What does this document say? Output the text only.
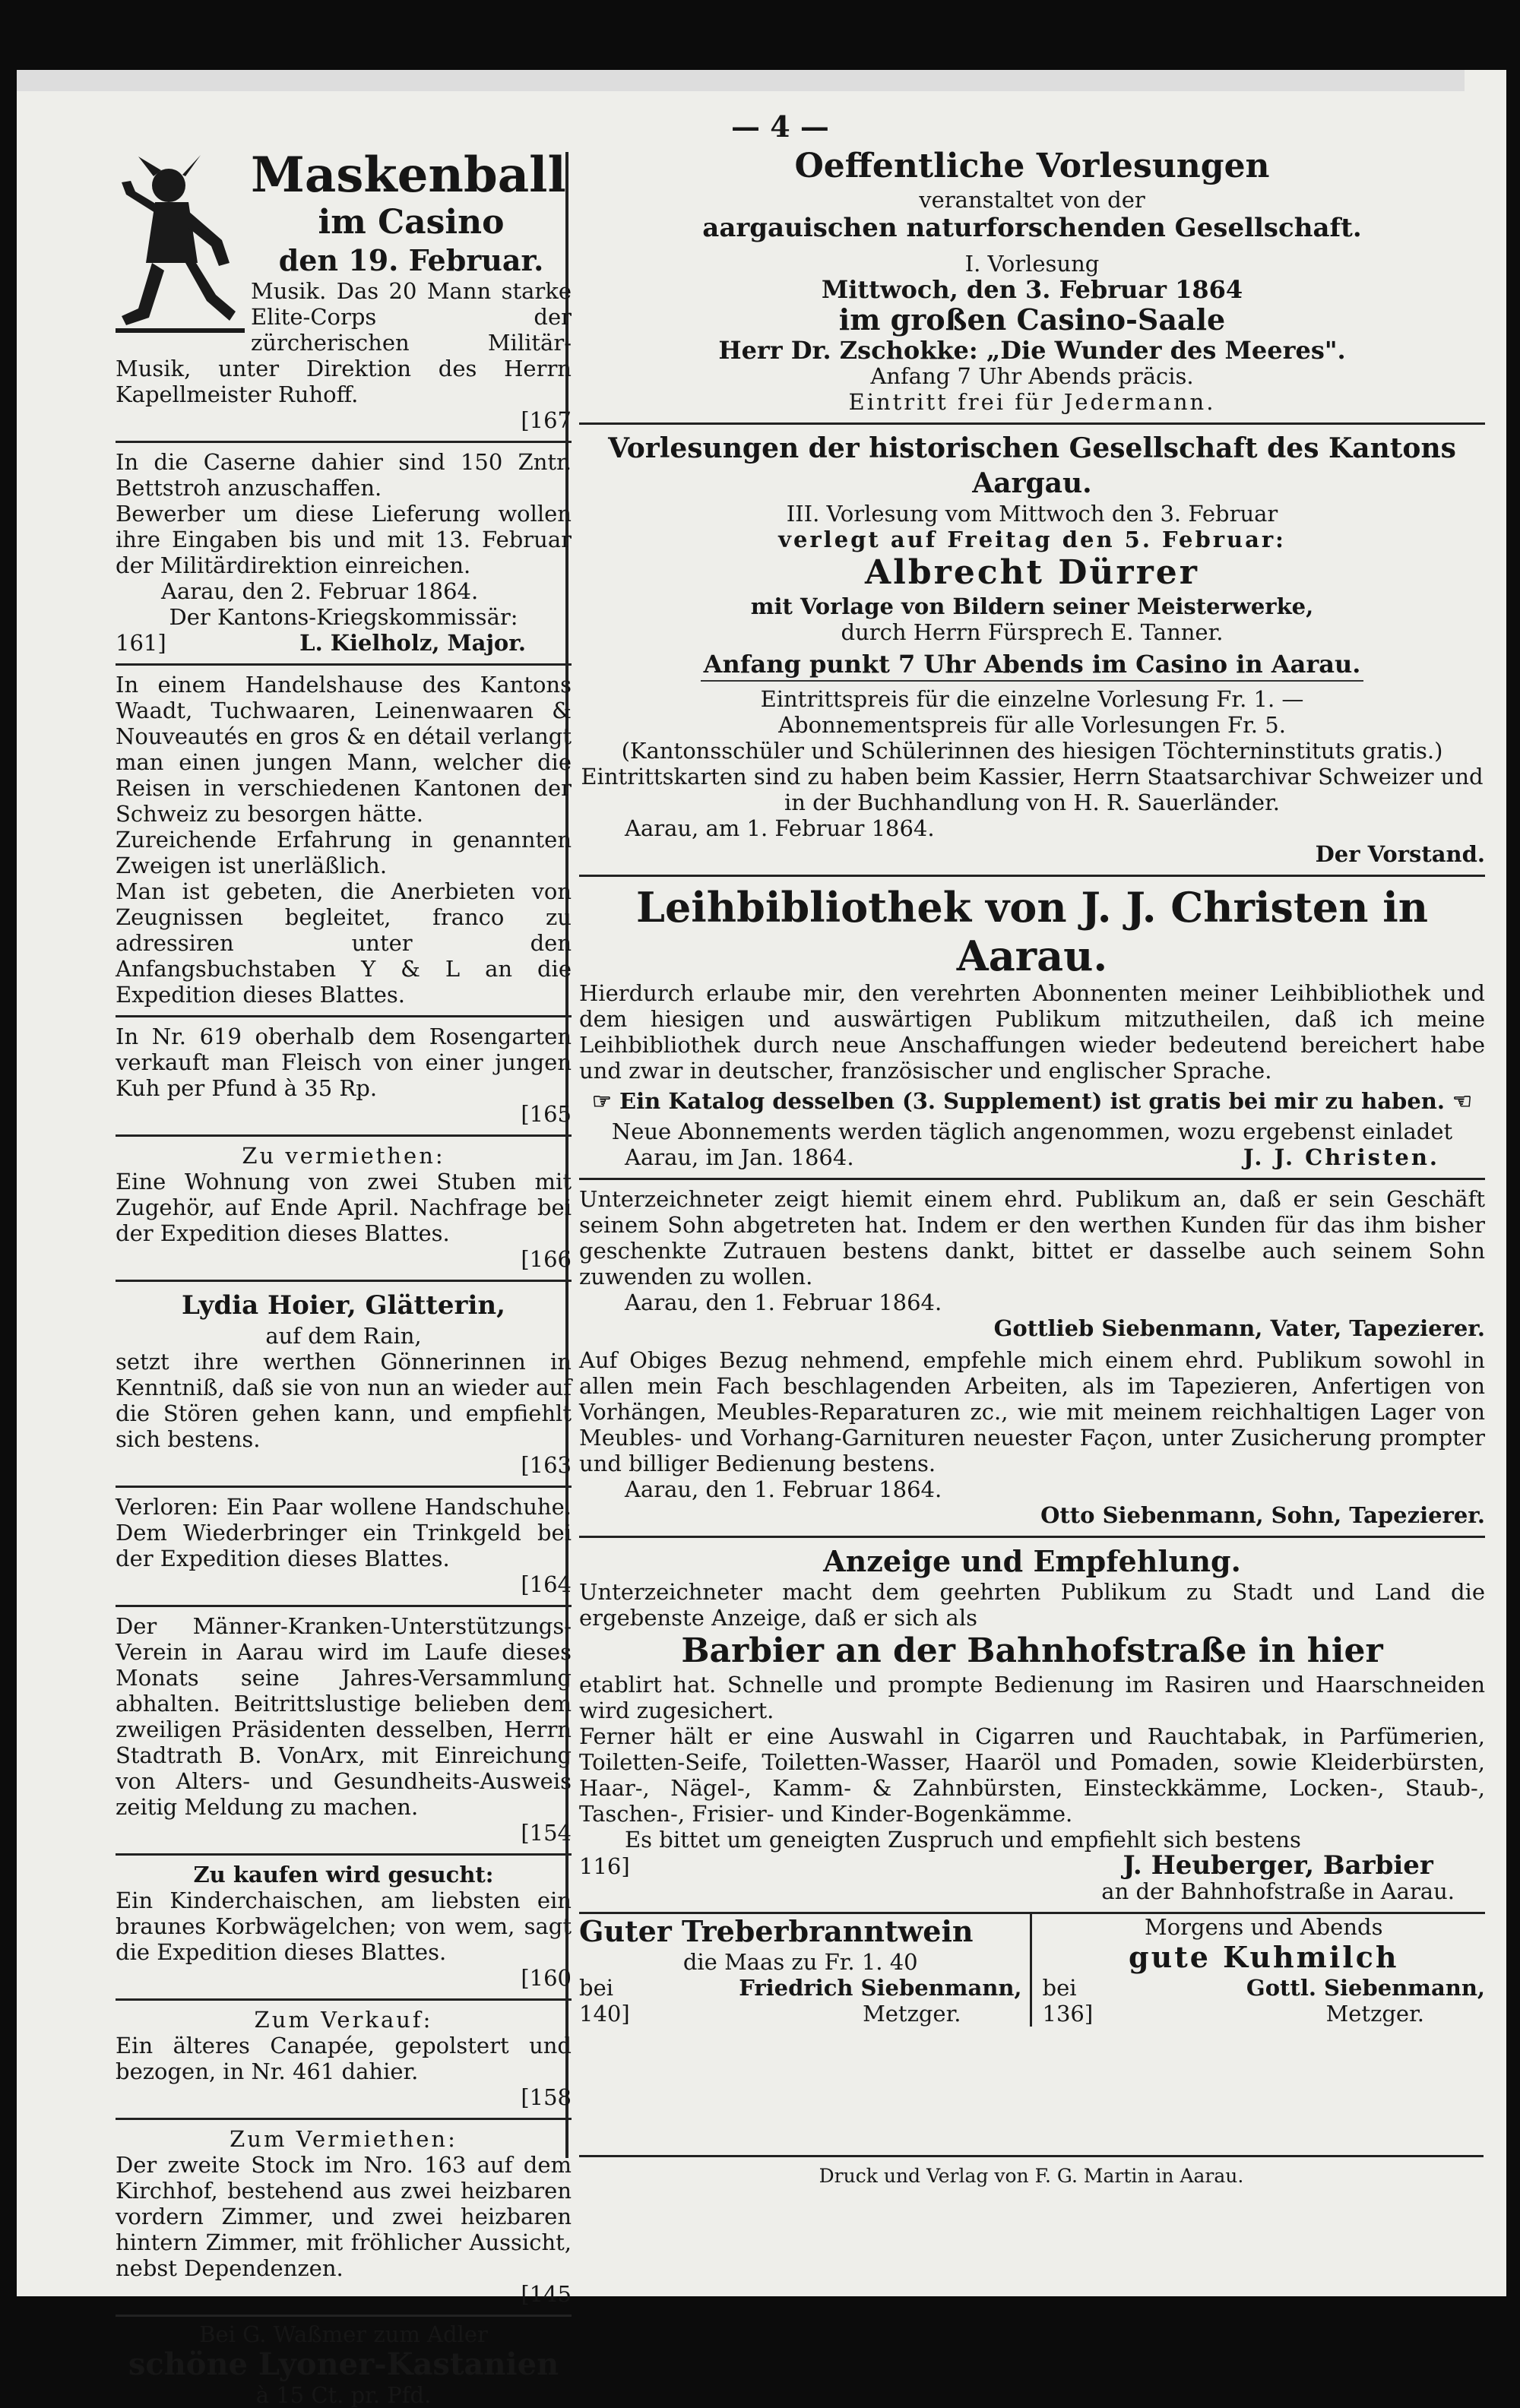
— 4 —
Maskenball
im Casino
den 19. Februar.
Musik. Das 20 Mann starke Elite-Corps der zürcherischen Militär-Musik, unter Direktion des Herrn Kapellmeister Ruhoff.
[167
In die Caserne dahier sind 150 Zntr. Bettstroh anzuschaffen.
Bewerber um diese Lieferung wollen ihre Eingaben bis und mit 13. Februar der Militärdirektion einreichen.
Aarau, den 2. Februar 1864.
Der Kantons-Kriegskommissär:
161]	L. Kielholz, Major.
In einem Handelshause des Kantons Waadt, Tuchwaaren, Leinenwaaren & Nouveautés en gros & en détail verlangt man einen jungen Mann, welcher die Reisen in verschiedenen Kantonen der Schweiz zu besorgen hätte.
Zureichende Erfahrung in genannten Zweigen ist unerläßlich.
Man ist gebeten, die Anerbieten von Zeugnissen begleitet, franco zu adressiren unter den Anfangsbuchstaben Y & L an die Expedition dieses Blattes.
In Nr. 619 oberhalb dem Rosengarten verkauft man Fleisch von einer jungen Kuh per Pfund à 35 Rp.
[165
Zu vermiethen:
Eine Wohnung von zwei Stuben mit Zugehör, auf Ende April. Nachfrage bei der Expedition dieses Blattes.
[166
Lydia Hoier, Glätterin,
auf dem Rain,
setzt ihre werthen Gönnerinnen in Kenntniß, daß sie von nun an wieder auf die Stören gehen kann, und empfiehlt sich bestens.
[163
Verloren: Ein Paar wollene Handschuhe. Dem Wiederbringer ein Trinkgeld bei der Expedition dieses Blattes.
[164
Der Männer-Kranken-Unterstützungs-Verein in Aarau wird im Laufe dieses Monats seine Jahres-Versammlung abhalten. Beitrittslustige belieben dem zweiligen Präsidenten desselben, Herrn Stadtrath B. VonArx, mit Einreichung von Alters- und Gesundheits-Ausweis zeitig Meldung zu machen.
[154
Zu kaufen wird gesucht:
Ein Kinderchaischen, am liebsten ein braunes Korbwägelchen; von wem, sagt die Expedition dieses Blattes.
[160
Zum Verkauf:
Ein älteres Canapée, gepolstert und bezogen, in Nr. 461 dahier.
[158
Zum Vermiethen:
Der zweite Stock im Nro. 163 auf dem Kirchhof, bestehend aus zwei heizbaren vordern Zimmer, und zwei heizbaren hintern Zimmer, mit fröhlicher Aussicht, nebst Dependenzen.
[145
Bei G. Waßmer zum Adler
schöne Lyoner-Kastanien
à 15 Ct. pr. Pfd.
Oeffentliche Vorlesungen
veranstaltet von der
aargauischen naturforschenden Gesellschaft.
I. Vorlesung
Mittwoch, den 3. Februar 1864
im großen Casino-Saale
Herr Dr. Zschokke: „Die Wunder des Meeres".
Anfang 7 Uhr Abends präcis.
Eintritt frei für Jedermann.
Vorlesungen der historischen Gesellschaft des Kantons Aargau.
III. Vorlesung vom Mittwoch den 3. Februar
verlegt auf Freitag den 5. Februar:
Albrecht Dürrer
mit Vorlage von Bildern seiner Meisterwerke,
durch Herrn Fürsprech E. Tanner.
Anfang punkt 7 Uhr Abends im Casino in Aarau.
Eintrittspreis für die einzelne Vorlesung Fr. 1. —
Abonnementspreis für alle Vorlesungen Fr. 5.
(Kantonsschüler und Schülerinnen des hiesigen Töchterninstituts gratis.)
Eintrittskarten sind zu haben beim Kassier, Herrn Staatsarchivar Schweizer und in der Buchhandlung von H. R. Sauerländer.
Aarau, am 1. Februar 1864.
Der Vorstand.
Leihbibliothek von J. J. Christen in Aarau.
Hierdurch erlaube mir, den verehrten Abonnenten meiner Leihbibliothek und dem hiesigen und auswärtigen Publikum mitzutheilen, daß ich meine Leihbibliothek durch neue Anschaffungen wieder bedeutend bereichert habe und zwar in deutscher, französischer und englischer Sprache.
☞ Ein Katalog desselben (3. Supplement) ist gratis bei mir zu haben. ☜
Neue Abonnements werden täglich angenommen, wozu ergebenst einladet
Aarau, im Jan. 1864.	J. J. Christen.
Unterzeichneter zeigt hiemit einem ehrd. Publikum an, daß er sein Geschäft seinem Sohn abgetreten hat. Indem er den werthen Kunden für das ihm bisher geschenkte Zutrauen bestens dankt, bittet er dasselbe auch seinem Sohn zuwenden zu wollen.
Aarau, den 1. Februar 1864.
Gottlieb Siebenmann, Vater, Tapezierer.
Auf Obiges Bezug nehmend, empfehle mich einem ehrd. Publikum sowohl in allen mein Fach beschlagenden Arbeiten, als im Tapezieren, Anfertigen von Vorhängen, Meubles-Reparaturen zc., wie mit meinem reichhaltigen Lager von Meubles- und Vorhang-Garnituren neuester Façon, unter Zusicherung prompter und billiger Bedienung bestens.
Aarau, den 1. Februar 1864.
Otto Siebenmann, Sohn, Tapezierer.
Anzeige und Empfehlung.
Unterzeichneter macht dem geehrten Publikum zu Stadt und Land die ergebenste Anzeige, daß er sich als
Barbier an der Bahnhofstraße in hier
etablirt hat. Schnelle und prompte Bedienung im Rasiren und Haarschneiden wird zugesichert.
Ferner hält er eine Auswahl in Cigarren und Rauchtabak, in Parfümerien, Toiletten-Seife, Toiletten-Wasser, Haaröl und Pomaden, sowie Kleiderbürsten, Haar-, Nägel-, Kamm- & Zahnbürsten, Einsteckkämme, Locken-, Staub-, Taschen-, Frisier- und Kinder-Bogenkämme.
Es bittet um geneigten Zuspruch und empfiehlt sich bestens
116]	J. Heuberger, Barbier
an der Bahnhofstraße in Aarau.
Guter Treberbranntwein
die Maas zu Fr. 1. 40
bei	Friedrich Siebenmann,
140]	Metzger.
Morgens und Abends
gute Kuhmilch
bei	Gottl. Siebenmann,
136]	Metzger.
Druck und Verlag von F. G. Martin in Aarau.
